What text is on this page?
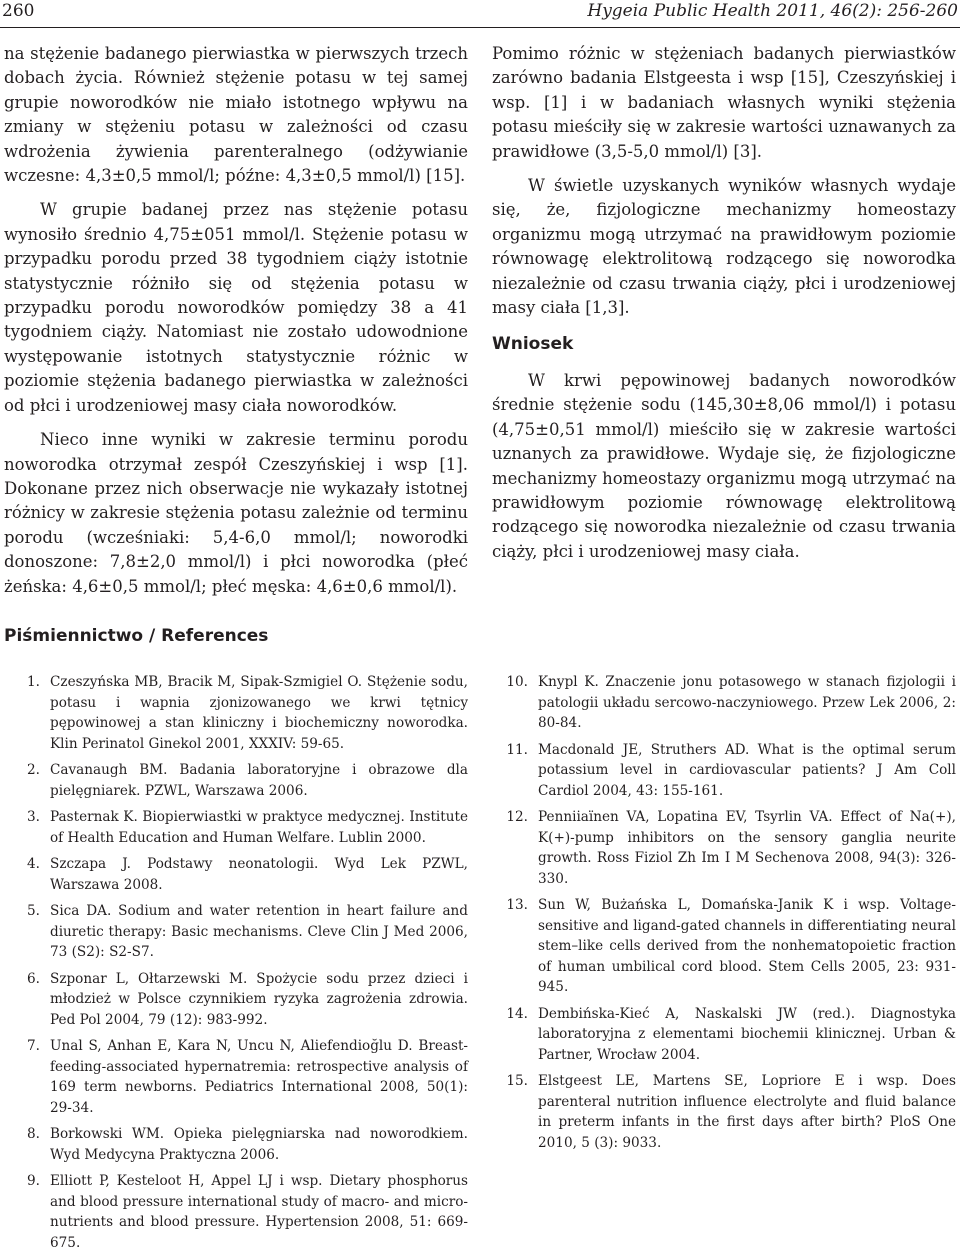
260	Hygeia Public Health 2011, 46(2): 256-260

na stężenie badanego pierwiastka w pierwszych trzech dobach życia. Również stężenie potasu w tej samej grupie noworodków nie miało istotnego wpływu na zmiany w stężeniu potasu w zależności od czasu wdrożenia żywienia parenteralnego (odżywianie wczesne: 4,3±0,5 mmol/l; późne: 4,3±0,5 mmol/l) [15].

W grupie badanej przez nas stężenie potasu wynosiło średnio 4,75±051 mmol/l. Stężenie potasu w przypadku porodu przed 38 tygodniem ciąży istotnie statystycznie różniło się od stężenia potasu w przypadku porodu noworodków pomiędzy 38 a 41 tygodniem ciąży. Natomiast nie zostało udowodnione występowanie istotnych statystycznie różnic w poziomie stężenia badanego pierwiastka w zależności od płci i urodzeniowej masy ciała noworodków.

Nieco inne wyniki w zakresie terminu porodu noworodka otrzymał zespół Czeszyńskiej i wsp [1]. Dokonane przez nich obserwacje nie wykazały istotnej różnicy w zakresie stężenia potasu zależnie od terminu porodu (wcześniaki: 5,4-6,0 mmol/l; noworodki donoszone: 7,8±2,0 mmol/l) i płci noworodka (płeć żeńska: 4,6±0,5 mmol/l; płeć męska: 4,6±0,6 mmol/l).

Pomimo różnic w stężeniach badanych pierwiastków zarówno badania Elstgeesta i wsp [15], Czeszyńskiej i wsp. [1] i w badaniach własnych wyniki stężenia potasu mieściły się w zakresie wartości uznawanych za prawidłowe (3,5-5,0 mmol/l) [3].

W świetle uzyskanych wyników własnych wydaje się, że, fizjologiczne mechanizmy homeostazy organizmu mogą utrzymać na prawidłowym poziomie równowagę elektrolitową rodzącego się noworodka niezależnie od czasu trwania ciąży, płci i urodzeniowej masy ciała [1,3].

Wniosek

W krwi pępowinowej badanych noworodków średnie stężenie sodu (145,30±8,06 mmol/l) i potasu (4,75±0,51 mmol/l) mieściło się w zakresie wartości uznanych za prawidłowe. Wydaje się, że fizjologiczne mechanizmy homeostazy organizmu mogą utrzymać na prawidłowym poziomie równowagę elektrolitową rodzącego się noworodka niezależnie od czasu trwania ciąży, płci i urodzeniowej masy ciała.

Piśmiennictwo / References
1. Czeszyńska MB, Bracik M, Sipak-Szmigiel O. Stężenie sodu, potasu i wapnia zjonizowanego we krwi tętnicy pępowinowej a stan kliniczny i biochemiczny noworodka. Klin Perinatol Ginekol 2001, XXXIV: 59-65.
2. Cavanaugh BM. Badania laboratoryjne i obrazowe dla pielęgniarek. PZWL, Warszawa 2006.
3. Pasternak K. Biopierwiastki w praktyce medycznej. Institute of Health Education and Human Welfare. Lublin 2000.
4. Szczapa J. Podstawy neonatologii. Wyd Lek PZWL, Warszawa 2008.
5. Sica DA. Sodium and water retention in heart failure and diuretic therapy: Basic mechanisms. Cleve Clin J Med 2006, 73 (S2): S2-S7.
6. Szponar L, Ołtarzewski M. Spożycie sodu przez dzieci i młodzież w Polsce czynnikiem ryzyka zagrożenia zdrowia. Ped Pol 2004, 79 (12): 983-992.
7. Unal S, Anhan E, Kara N, Uncu N, Aliefendioğlu D. Breast-feeding-associated hypernatremia: retrospective analysis of 169 term newborns. Pediatrics International 2008, 50(1): 29-34.
8. Borkowski WM. Opieka pielęgniarska nad noworodkiem. Wyd Medycyna Praktyczna 2006.
9. Elliott P, Kesteloot H, Appel LJ i wsp. Dietary phosphorus and blood pressure international study of macro- and micro-nutrients and blood pressure. Hypertension 2008, 51: 669-675.
10. Knypl K. Znaczenie jonu potasowego w stanach fizjologii i patologii układu sercowo-naczyniowego. Przew Lek 2006, 2: 80-84.
11. Macdonald JE, Struthers AD. What is the optimal serum potassium level in cardiovascular patients? J Am Coll Cardiol 2004, 43: 155-161.
12. Penniiaïnen VA, Lopatina EV, Tsyrlin VA. Effect of Na(+), K(+)-pump inhibitors on the sensory ganglia neurite growth. Ross Fiziol Zh Im I M Sechenova 2008, 94(3): 326-330.
13. Sun W, Bużańska L, Domańska-Janik K i wsp. Voltage-sensitive and ligand-gated channels in differentiating neural stem–like cells derived from the nonhematopoietic fraction of human umbilical cord blood. Stem Cells 2005, 23: 931-945.
14. Dembińska-Kieć A, Naskalski JW (red.). Diagnostyka laboratoryjna z elementami biochemii klinicznej. Urban & Partner, Wrocław 2004.
15. Elstgeest LE, Martens SE, Lopriore E i wsp. Does parenteral nutrition influence electrolyte and fluid balance in preterm infants in the first days after birth? PloS One 2010, 5 (3): 9033.
